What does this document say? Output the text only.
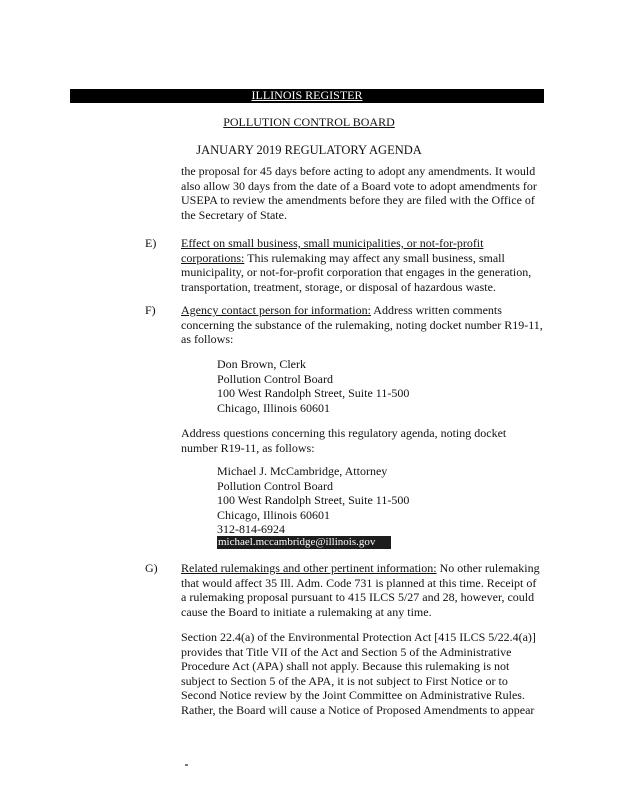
ILLINOIS REGISTER
POLLUTION CONTROL BOARD
JANUARY 2019 REGULATORY AGENDA
the proposal for 45 days before acting to adopt any amendments. It would also allow 30 days from the date of a Board vote to adopt amendments for USEPA to review the amendments before they are filed with the Office of the Secretary of State.
E) Effect on small business, small municipalities, or not-for-profit corporations: This rulemaking may affect any small business, small municipality, or not-for-profit corporation that engages in the generation, transportation, treatment, storage, or disposal of hazardous waste.
F) Agency contact person for information: Address written comments concerning the substance of the rulemaking, noting docket number R19-11, as follows:
Don Brown, Clerk
Pollution Control Board
100 West Randolph Street, Suite 11-500
Chicago, Illinois 60601
Address questions concerning this regulatory agenda, noting docket number R19-11, as follows:
Michael J. McCambridge, Attorney
Pollution Control Board
100 West Randolph Street, Suite 11-500
Chicago, Illinois 60601
312-814-6924
michael.mccambridge@illinois.gov
G) Related rulemakings and other pertinent information: No other rulemaking that would affect 35 Ill. Adm. Code 731 is planned at this time. Receipt of a rulemaking proposal pursuant to 415 ILCS 5/27 and 28, however, could cause the Board to initiate a rulemaking at any time.
Section 22.4(a) of the Environmental Protection Act [415 ILCS 5/22.4(a)] provides that Title VII of the Act and Section 5 of the Administrative Procedure Act (APA) shall not apply. Because this rulemaking is not subject to Section 5 of the APA, it is not subject to First Notice or to Second Notice review by the Joint Committee on Administrative Rules. Rather, the Board will cause a Notice of Proposed Amendments to appear
